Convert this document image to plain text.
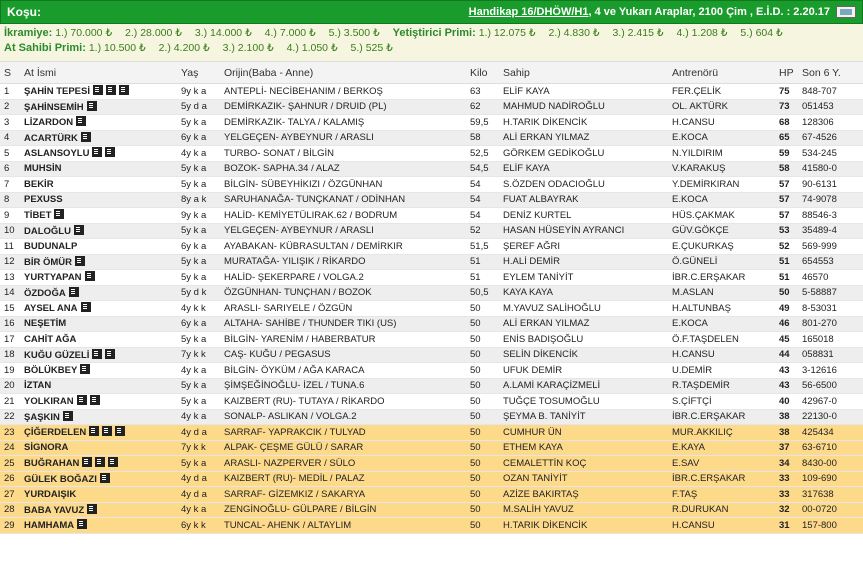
Koşu:	Handikap 16/DHÖW/H1 , 4 ve Yukarı Araplar, 2100 Çim , E.İ.D. : 2.20.17
İkramiye: 1.) 70.000 ₺ 2.) 28.000 ₺ 3.) 14.000 ₺ 4.) 7.000 ₺ 5.) 3.500 ₺ Yetiştirici Primi: 1.) 12.075 ₺ 2.) 4.830 ₺ 3.) 2.415 ₺ 4.) 1.208 ₺ 5.) 604 ₺
At Sahibi Primi: 1.) 10.500 ₺ 2.) 4.200 ₺ 3.) 2.100 ₺ 4.) 1.050 ₺ 5.) 525 ₺
S	At İsmi	Yaş	Orijin(Baba - Anne)	Kilo	Sahip	Antrenörü	HP	Son 6 Y.
1	ŞAHİN TEPESİ	9y k a	ANTEPLİ- NECİBEHANIM / BERKOŞ	63	ELİF KAYA	FER.ÇELİK	75	848-707
2	ŞAHİNSEMİH	5y d a	DEMİRKAZIK- ŞAHNUR / DRUID (PL)	62	MAHMUD NADİROĞLU	OL. AKTÜRK	73	051453
3	LİZARDON	5y k a	DEMİRKAZIK- TALYA / KALAMIŞ	59,5	H.TARIK DİKENCİK	H.CANSU	68	128306
4	ACARTÜRK	6y k a	YELGEÇEN- AYBEYNUR / ARASLI	58	ALİ ERKAN YILMAZ	E.KOCA	65	67-4526
5	ASLANSOYLU	4y k a	TURBO- SONAT / BİLGİN	52,5	GÖRKEM GEDİKOĞLU	N.YILDIRIM	59	534-245
6	MUHSİN	5y k a	BOZOK- SAPHA.34 / ALAZ	54,5	ELİF KAYA	V.KARAKUŞ	58	41580-0
7	BEKİR	5y k a	BİLGİN- SÜBEYHİKIZI / ÖZGÜNHAN	54	S.ÖZDEN ODACIOĞLU	Y.DEMİRKIRAN	57	90-6131
8	PEXUSS	8y a k	SARUHANAĞA- TUNÇKANAT / ODİNHAN	54	FUAT ALBAYRAK	E.KOCA	57	74-9078
9	TİBET	9y k a	HALİD- KEMİYETÜLIRAK.62 / BODRUM	54	DENİZ KURTEL	HÜS.ÇAKMAK	57	88546-3
10	DALOĞLU	5y k a	YELGEÇEN- AYBEYNUR / ARASLI	52	HASAN HÜSEYİN AYRANCI	GÜV.GÖKÇE	53	35489-4
11	BUDUNALP	6y k a	AYABAKAN- KÜBRASULTAN / DEMİRKIR	51,5	ŞEREF AĞRI	E.ÇUKURKAŞ	52	569-999
12	BİR ÖMÜR	5y k a	MURATAĞA- YILIŞIK / RİKARDO	51	H.ALİ DEMİR	Ö.GÜNELİ	51	654553
13	YURTYAPAN	5y k a	HALİD- ŞEKERPARE / VOLGA.2	51	EYLEM TANİYİT	İBR.C.ERŞAKAR	51	46570
14	ÖZDOĞA	5y d k	ÖZGÜNHAN- TUNÇHAN / BOZOK	50,5	KAYA KAYA	M.ASLAN	50	5-58887
15	AYSEL ANA	4y k k	ARASLI- SARIYELE / ÖZGÜN	50	M.YAVUZ SALİHOĞLU	H.ALTUNBAŞ	49	8-53031
16	NEŞETİM	6y k a	ALTAHA- SAHİBE / THUNDER TIKI (US)	50	ALİ ERKAN YILMAZ	E.KOCA	46	801-270
17	CAHİT AĞA	5y k a	BİLGİN- YARENİM / HABERBATUR	50	ENİS BADIŞOĞLU	Ö.F.TAŞDELEN	45	165018
18	KUĞU GÜZELİ	7y k k	CAŞ- KUĞU / PEGASUS	50	SELİN DİKENCİK	H.CANSU	44	058831
19	BÖLÜKBEY	4y k a	BİLGİN- ÖYKÜM / AĞA KARACA	50	UFUK DEMİR	U.DEMİR	43	3-12616
20	İZTAN	5y k a	ŞİMŞEĞİNOĞLU- İZEL / TUNA.6	50	A.LAMİ KARAÇİZMELİ	R.TAŞDEMİR	43	56-6500
21	YOLKIRAN	5y k a	KAIZBERT (RU)- TUTAYA / RİKARDO	50	TUĞÇE TOSUMOĞLU	S.ÇİFTÇİ	40	42967-0
22	ŞAŞKIN	4y k a	SONALP- ASLIKAN / VOLGA.2	50	ŞEYMA B. TANİYİT	İBR.C.ERŞAKAR	38	22130-0
23	ÇİĞERDELEN	4y d a	SARRAF- YAPRAKCIK / TULYAD	50	CUMHUR ÜN	MUR.AKKILIÇ	38	425434
24	SİGNORA	7y k k	ALPAK- ÇEŞME GÜLÜ / SARAR	50	ETHEM KAYA	E.KAYA	37	63-6710
25	BUĞRAHAN	5y k a	ARASLI- NAZPERVER / SÜLO	50	CEMALETTİN KOÇ	E.SAV	34	8430-00
26	GÜLEK BOĞAZI	4y d a	KAIZBERT (RU)- MEDİL / PALAZ	50	OZAN TANİYİT	İBR.C.ERŞAKAR	33	109-690
27	YURDAIŞIK	4y d a	SARRAF- GİZEMKIZ / SAKARYA	50	AZİZE BAKIRTAŞ	F.TAŞ	33	317638
28	BABA YAVUZ	4y k a	ZENGİNOĞLU- GÜLPARE / BİLGİN	50	M.SALİH YAVUZ	R.DURUKAN	32	00-0720
29	HAMHAMA	6y k k	TUNCAL- AHENK / ALTAYLIM	50	H.TARIK DİKENCİK	H.CANSU	31	157-800
